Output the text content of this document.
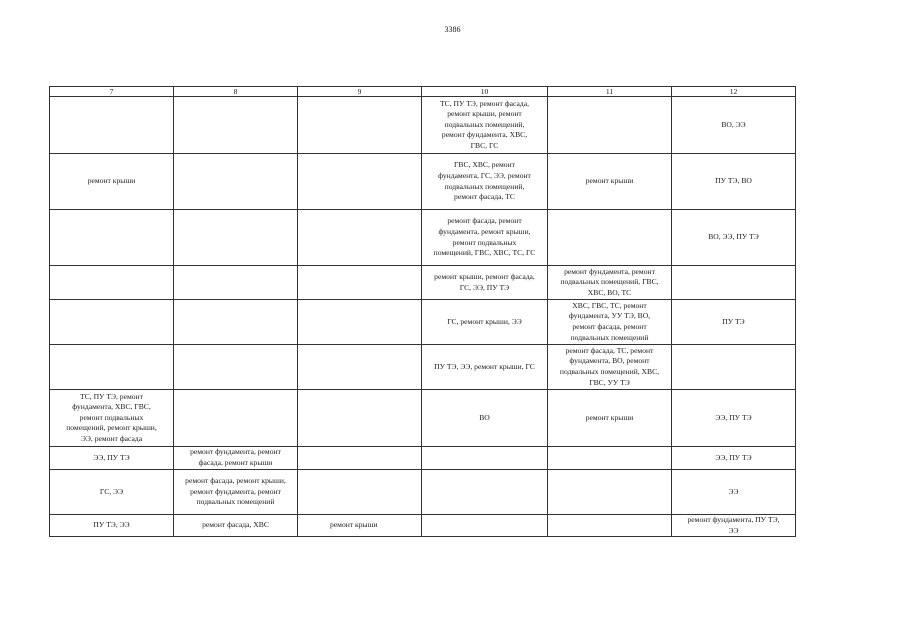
3386
7	8	9	10	11	12
			ТС, ПУ ТЭ, ремонт фасада,
ремонт крыши, ремонт
подвальных помещений,
ремонт фундамента, ХВС,
ГВС, ГС		ВО, ЭЭ
ремонт крыши			ГВС, ХВС, ремонт
фундамента, ГС, ЭЭ, ремонт
подвальных помещений,
ремонт фасада, ТС	ремонт крыши	ПУ ТЭ, ВО
			ремонт фасада, ремонт
фундамента, ремонт крыши,
ремонт подвальных
помещений, ГВС, ХВС, ТС, ГС		ВО, ЭЭ, ПУ ТЭ
			ремонт крыши, ремонт фасада,
ГС, ЭЭ, ПУ ТЭ	ремонт фундамента, ремонт
подвальных помещений, ГВС,
ХВС, ВО, ТС	
			ГС, ремонт крыши, ЭЭ	ХВС, ГВС, ТС, ремонт
фундамента, УУ ТЭ, ВО,
ремонт фасада, ремонт
подвальных помещений	ПУ ТЭ
			ПУ ТЭ, ЭЭ, ремонт крыши, ГС	ремонт фасада, ТС, ремонт
фундамента, ВО, ремонт
подвальных помещений, ХВС,
ГВС, УУ ТЭ	
ТС, ПУ ТЭ, ремонт
фундамента, ХВС, ГВС,
ремонт подвальных
помещений, ремонт крыши,
ЭЭ, ремонт фасада			ВО	ремонт крыши	ЭЭ, ПУ ТЭ
ЭЭ, ПУ ТЭ	ремонт фундамента, ремонт
фасада, ремонт крыши				ЭЭ, ПУ ТЭ
ГС, ЭЭ	ремонт фасада, ремонт крыши,
ремонт фундамента, ремонт
подвальных помещений				ЭЭ
ПУ ТЭ, ЭЭ	ремонт фасада, ХВС	ремонт крыши			ремонт фундамента, ПУ ТЭ,
ЭЭ
